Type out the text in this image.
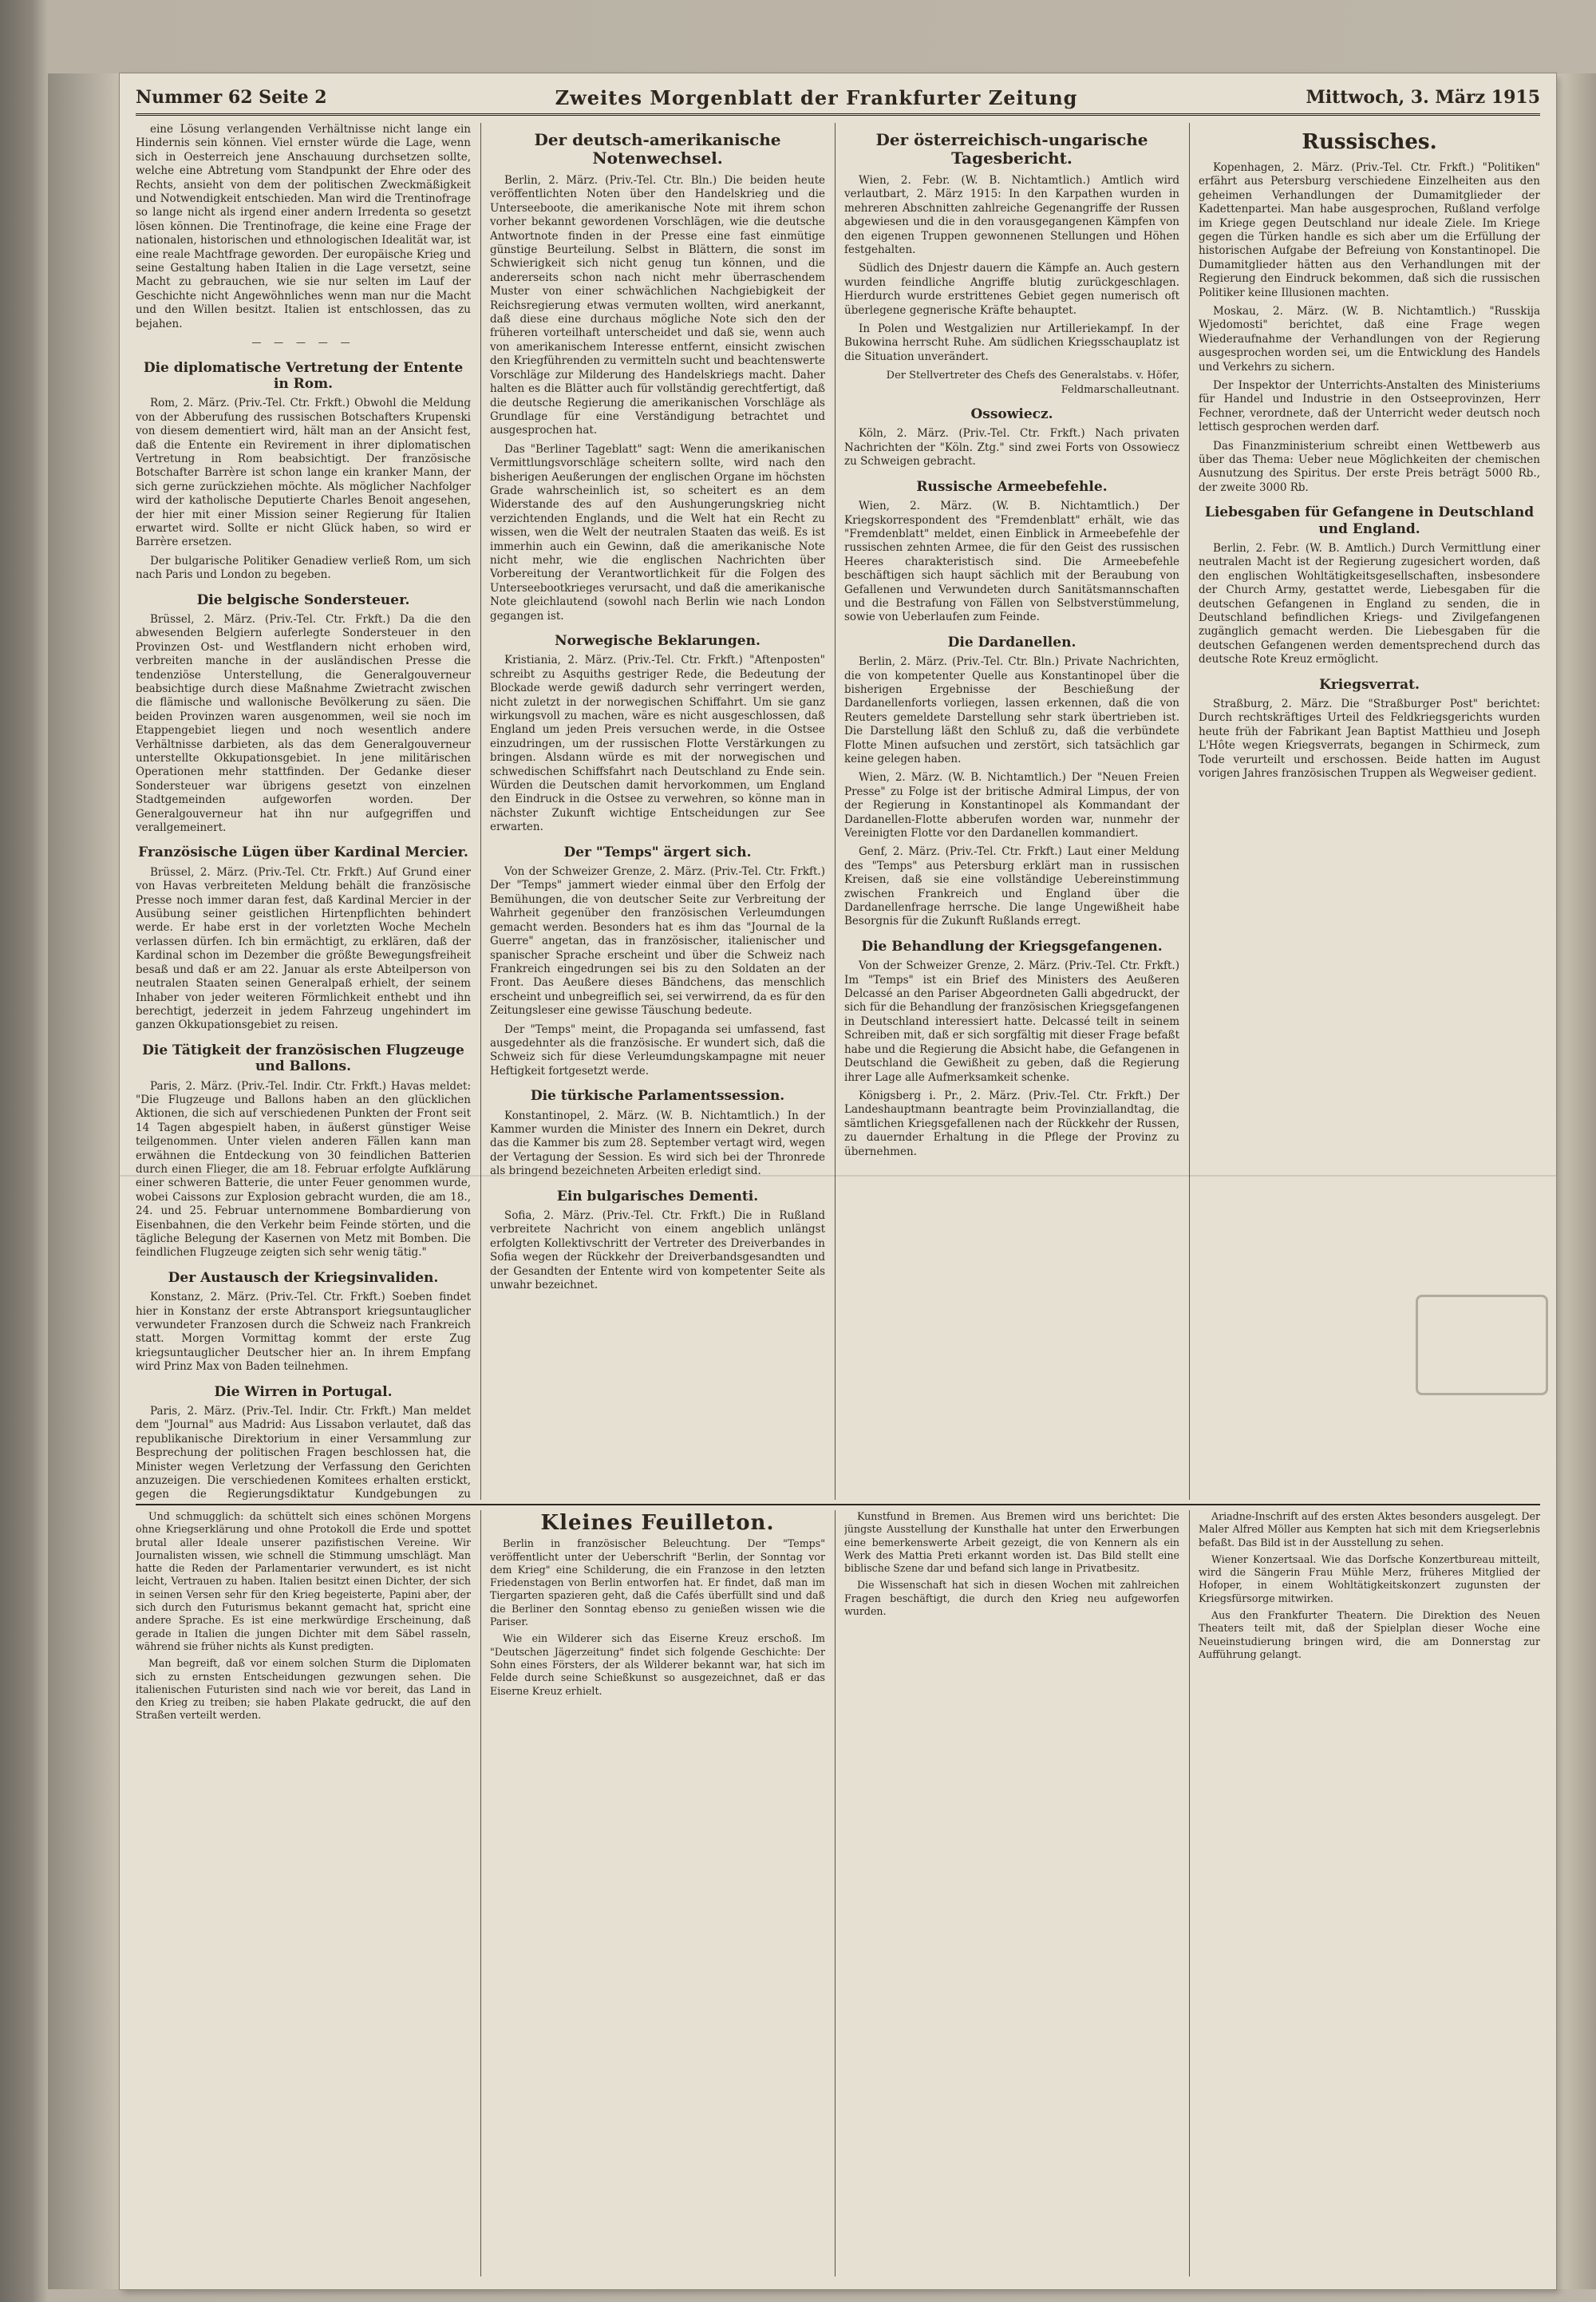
Nummer 62 Seite 2	Zweites Morgenblatt der Frankfurter Zeitung	Mittwoch, 3. März 1915

eine Lösung verlangenden Verhältnisse nicht lange ein Hindernis sein können. Viel ernster würde die Lage, wenn sich in Oesterreich jene Anschauung durchsetzen sollte, welche eine Abtretung vom Standpunkt der Ehre oder des Rechts, ansieht von dem der politischen Zweckmäßigkeit und Notwendigkeit entschieden. Man wird die Trentinofrage so lange nicht als irgend einer andern Irredenta so gesetzt lösen können. Die Trentinofrage, die keine eine Frage der nationalen, historischen und ethnologischen Idealität war, ist eine reale Machtfrage geworden. Der europäische Krieg und seine Gestaltung haben Italien in die Lage versetzt, seine Macht zu gebrauchen, wie sie nur selten im Lauf der Geschichte nicht Angewöhnliches wenn man nur die Macht und den Willen besitzt. Italien ist entschlossen, das zu bejahen.

— — — — —
Die diplomatische Vertretung der Entente in Rom.

Rom, 2. März. (Priv.-Tel. Ctr. Frkft.) Obwohl die Meldung von der Abberufung des russischen Botschafters Krupenski von diesem dementiert wird, hält man an der Ansicht fest, daß die Entente ein Revirement in ihrer diplomatischen Vertretung in Rom beabsichtigt. Der französische Botschafter Barrère ist schon lange ein kranker Mann, der sich gerne zurückziehen möchte. Als möglicher Nachfolger wird der katholische Deputierte Charles Benoit angesehen, der hier mit einer Mission seiner Regierung für Italien erwartet wird. Sollte er nicht Glück haben, so wird er Barrère ersetzen.

Der bulgarische Politiker Genadiew verließ Rom, um sich nach Paris und London zu begeben.

Die belgische Sondersteuer.

Brüssel, 2. März. (Priv.-Tel. Ctr. Frkft.) Da die den abwesenden Belgiern auferlegte Sondersteuer in den Provinzen Ost- und Westflandern nicht erhoben wird, verbreiten manche in der ausländischen Presse die tendenziöse Unterstellung, die Generalgouverneur beabsichtige durch diese Maßnahme Zwietracht zwischen die flämische und wallonische Bevölkerung zu säen. Die beiden Provinzen waren ausgenommen, weil sie noch im Etappengebiet liegen und noch wesentlich andere Verhältnisse darbieten, als das dem Generalgouverneur unterstellte Okkupationsgebiet. In jene militärischen Operationen mehr stattfinden. Der Gedanke dieser Sondersteuer war übrigens gesetzt von einzelnen Stadtgemeinden aufgeworfen worden. Der Generalgouverneur hat ihn nur aufgegriffen und verallgemeinert.

Französische Lügen über Kardinal Mercier.

Brüssel, 2. März. (Priv.-Tel. Ctr. Frkft.) Auf Grund einer von Havas verbreiteten Meldung behält die französische Presse noch immer daran fest, daß Kardinal Mercier in der Ausübung seiner geistlichen Hirtenpflichten behindert werde. Er habe erst in der vorletzten Woche Mecheln verlassen dürfen. Ich bin ermächtigt, zu erklären, daß der Kardinal schon im Dezember die größte Bewegungsfreiheit besaß und daß er am 22. Januar als erste Abteilperson von neutralen Staaten seinen Generalpaß erhielt, der seinem Inhaber von jeder weiteren Förmlichkeit enthebt und ihn berechtigt, jederzeit in jedem Fahrzeug ungehindert im ganzen Okkupationsgebiet zu reisen.

Die Tätigkeit der französischen Flugzeuge und Ballons.

Paris, 2. März. (Priv.-Tel. Indir. Ctr. Frkft.) Havas meldet: "Die Flugzeuge und Ballons haben an den glücklichen Aktionen, die sich auf verschiedenen Punkten der Front seit 14 Tagen abgespielt haben, in äußerst günstiger Weise teilgenommen. Unter vielen anderen Fällen kann man erwähnen die Entdeckung von 30 feindlichen Batterien durch einen Flieger, die am 18. Februar erfolgte Aufklärung einer schweren Batterie, die unter Feuer genommen wurde, wobei Caissons zur Explosion gebracht wurden, die am 18., 24. und 25. Februar unternommene Bombardierung von Eisenbahnen, die den Verkehr beim Feinde störten, und die tägliche Belegung der Kasernen von Metz mit Bomben. Die feindlichen Flugzeuge zeigten sich sehr wenig tätig."

Der Austausch der Kriegsinvaliden.

Konstanz, 2. März. (Priv.-Tel. Ctr. Frkft.) Soeben findet hier in Konstanz der erste Abtransport kriegsuntauglicher verwundeter Franzosen durch die Schweiz nach Frankreich statt. Morgen Vormittag kommt der erste Zug kriegsuntauglicher Deutscher hier an. In ihrem Empfang wird Prinz Max von Baden teilnehmen.

Die Wirren in Portugal.

Paris, 2. März. (Priv.-Tel. Indir. Ctr. Frkft.) Man meldet dem "Journal" aus Madrid: Aus Lissabon verlautet, daß das republikanische Direktorium in einer Versammlung zur Besprechung der politischen Fragen beschlossen hat, die Minister wegen Verletzung der Verfassung den Gerichten anzuzeigen. Die verschiedenen Komitees erhalten erstickt, gegen die Regierungsdiktatur Kundgebungen zu

Der deutsch-amerikanische Notenwechsel.

Berlin, 2. März. (Priv.-Tel. Ctr. Bln.) Die beiden heute veröffentlichten Noten über den Handelskrieg und die Unterseeboote, die amerikanische Note mit ihrem schon vorher bekannt gewordenen Vorschlägen, wie die deutsche Antwortnote finden in der Presse eine fast einmütige günstige Beurteilung. Selbst in Blättern, die sonst im Schwierigkeit sich nicht genug tun können, und die andererseits schon nach nicht mehr überraschendem Muster von einer schwächlichen Nachgiebigkeit der Reichsregierung etwas vermuten wollten, wird anerkannt, daß diese eine durchaus mögliche Note sich den der früheren vorteilhaft unterscheidet und daß sie, wenn auch von amerikanischem Interesse entfernt, einsicht zwischen den Kriegführenden zu vermitteln sucht und beachtenswerte Vorschläge zur Milderung des Handelskriegs macht. Daher halten es die Blätter auch für vollständig gerechtfertigt, daß die deutsche Regierung die amerikanischen Vorschläge als Grundlage für eine Verständigung betrachtet und ausgesprochen hat.

Das "Berliner Tageblatt" sagt: Wenn die amerikanischen Vermittlungsvorschläge scheitern sollte, wird nach den bisherigen Aeußerungen der englischen Organe im höchsten Grade wahrscheinlich ist, so scheitert es an dem Widerstande des auf den Aushungerungskrieg nicht verzichtenden Englands, und die Welt hat ein Recht zu wissen, wen die Welt der neutralen Staaten das weiß. Es ist immerhin auch ein Gewinn, daß die amerikanische Note nicht mehr, wie die englischen Nachrichten über Vorbereitung der Verantwortlichkeit für die Folgen des Unterseebootkrieges verursacht, und daß die amerikanische Note gleichlautend (sowohl nach Berlin wie nach London gegangen ist.

Norwegische Beklarungen.

Kristiania, 2. März. (Priv.-Tel. Ctr. Frkft.) "Aftenposten" schreibt zu Asquiths gestriger Rede, die Bedeutung der Blockade werde gewiß dadurch sehr verringert werden, nicht zuletzt in der norwegischen Schiffahrt. Um sie ganz wirkungsvoll zu machen, wäre es nicht ausgeschlossen, daß England um jeden Preis versuchen werde, in die Ostsee einzudringen, um der russischen Flotte Verstärkungen zu bringen. Alsdann würde es mit der norwegischen und schwedischen Schiffsfahrt nach Deutschland zu Ende sein. Würden die Deutschen damit hervorkommen, um England den Eindruck in die Ostsee zu verwehren, so könne man in nächster Zukunft wichtige Entscheidungen zur See erwarten.

Der "Temps" ärgert sich.

Von der Schweizer Grenze, 2. März. (Priv.-Tel. Ctr. Frkft.) Der "Temps" jammert wieder einmal über den Erfolg der Bemühungen, die von deutscher Seite zur Verbreitung der Wahrheit gegenüber den französischen Verleumdungen gemacht werden. Besonders hat es ihm das "Journal de la Guerre" angetan, das in französischer, italienischer und spanischer Sprache erscheint und über die Schweiz nach Frankreich eingedrungen sei bis zu den Soldaten an der Front. Das Aeußere dieses Bändchens, das menschlich erscheint und unbegreiflich sei, sei verwirrend, da es für den Zeitungsleser eine gewisse Täuschung bedeute.

Der "Temps" meint, die Propaganda sei umfassend, fast ausgedehnter als die französische. Er wundert sich, daß die Schweiz sich für diese Verleumdungskampagne mit neuer Heftigkeit fortgesetzt werde.

Die türkische Parlamentssession.

Konstantinopel, 2. März. (W. B. Nichtamtlich.) In der Kammer wurden die Minister des Innern ein Dekret, durch das die Kammer bis zum 28. September vertagt wird, wegen der Vertagung der Session. Es wird sich bei der Thronrede als bringend bezeichneten Arbeiten erledigt sind.

Ein bulgarisches Dementi.

Sofia, 2. März. (Priv.-Tel. Ctr. Frkft.) Die in Rußland verbreitete Nachricht von einem angeblich unlängst erfolgten Kollektivschritt der Vertreter des Dreiverbandes in Sofia wegen der Rückkehr der Dreiverbandsgesandten und der Gesandten der Entente wird von kompetenter Seite als unwahr bezeichnet.

Der österreichisch-ungarische Tagesbericht.

Wien, 2. Febr. (W. B. Nichtamtlich.) Amtlich wird verlautbart, 2. März 1915: In den Karpathen wurden in mehreren Abschnitten zahlreiche Gegenangriffe der Russen abgewiesen und die in den vorausgegangenen Kämpfen von den eigenen Truppen gewonnenen Stellungen und Höhen festgehalten.

Südlich des Dnjestr dauern die Kämpfe an. Auch gestern wurden feindliche Angriffe blutig zurückgeschlagen. Hierdurch wurde erstrittenes Gebiet gegen numerisch oft überlegene gegnerische Kräfte behauptet.

In Polen und Westgalizien nur Artilleriekampf. In der Bukowina herrscht Ruhe. Am südlichen Kriegsschauplatz ist die Situation unverändert.

Der Stellvertreter des Chefs des Generalstabs. v. Höfer, Feldmarschalleutnant.
Ossowiecz.

Köln, 2. März. (Priv.-Tel. Ctr. Frkft.) Nach privaten Nachrichten der "Köln. Ztg." sind zwei Forts von Ossowiecz zu Schweigen gebracht.

Russische Armeebefehle.

Wien, 2. März. (W. B. Nichtamtlich.) Der Kriegskorrespondent des "Fremdenblatt" erhält, wie das "Fremdenblatt" meldet, einen Einblick in Armeebefehle der russischen zehnten Armee, die für den Geist des russischen Heeres charakteristisch sind. Die Armeebefehle beschäftigen sich haupt sächlich mit der Beraubung von Gefallenen und Verwundeten durch Sanitätsmannschaften und die Bestrafung von Fällen von Selbstverstümmelung, sowie von Ueberlaufen zum Feinde.

Die Dardanellen.

Berlin, 2. März. (Priv.-Tel. Ctr. Bln.) Private Nachrichten, die von kompetenter Quelle aus Konstantinopel über die bisherigen Ergebnisse der Beschießung der Dardanellenforts vorliegen, lassen erkennen, daß die von Reuters gemeldete Darstellung sehr stark übertrieben ist. Die Darstellung läßt den Schluß zu, daß die verbündete Flotte Minen aufsuchen und zerstört, sich tatsächlich gar keine gelegen haben.

Wien, 2. März. (W. B. Nichtamtlich.) Der "Neuen Freien Presse" zu Folge ist der britische Admiral Limpus, der von der Regierung in Konstantinopel als Kommandant der Dardanellen-Flotte abberufen worden war, nunmehr der Vereinigten Flotte vor den Dardanellen kommandiert.

Genf, 2. März. (Priv.-Tel. Ctr. Frkft.) Laut einer Meldung des "Temps" aus Petersburg erklärt man in russischen Kreisen, daß sie eine vollständige Uebereinstimmung zwischen Frankreich und England über die Dardanellenfrage herrsche. Die lange Ungewißheit habe Besorgnis für die Zukunft Rußlands erregt.

Die Behandlung der Kriegsgefangenen.

Von der Schweizer Grenze, 2. März. (Priv.-Tel. Ctr. Frkft.) Im "Temps" ist ein Brief des Ministers des Aeußeren Delcassé an den Pariser Abgeordneten Galli abgedruckt, der sich für die Behandlung der französischen Kriegsgefangenen in Deutschland interessiert hatte. Delcassé teilt in seinem Schreiben mit, daß er sich sorgfältig mit dieser Frage befaßt habe und die Regierung die Absicht habe, die Gefangenen in Deutschland die Gewißheit zu geben, daß die Regierung ihrer Lage alle Aufmerksamkeit schenke.

Königsberg i. Pr., 2. März. (Priv.-Tel. Ctr. Frkft.) Der Landeshauptmann beantragte beim Provinziallandtag, die sämtlichen Kriegsgefallenen nach der Rückkehr der Russen, zu dauernder Erhaltung in die Pflege der Provinz zu übernehmen.

Russisches.

Kopenhagen, 2. März. (Priv.-Tel. Ctr. Frkft.) "Politiken" erfährt aus Petersburg verschiedene Einzelheiten aus den geheimen Verhandlungen der Dumamitglieder der Kadettenpartei. Man habe ausgesprochen, Rußland verfolge im Kriege gegen Deutschland nur ideale Ziele. Im Kriege gegen die Türken handle es sich aber um die Erfüllung der historischen Aufgabe der Befreiung von Konstantinopel. Die Dumamitglieder hätten aus den Verhandlungen mit der Regierung den Eindruck bekommen, daß sich die russischen Politiker keine Illusionen machten.

Moskau, 2. März. (W. B. Nichtamtlich.) "Russkija Wjedomosti" berichtet, daß eine Frage wegen Wiederaufnahme der Verhandlungen von der Regierung ausgesprochen worden sei, um die Entwicklung des Handels und Verkehrs zu sichern.

Der Inspektor der Unterrichts-Anstalten des Ministeriums für Handel und Industrie in den Ostseeprovinzen, Herr Fechner, verordnete, daß der Unterricht weder deutsch noch lettisch gesprochen werden darf.

Das Finanzministerium schreibt einen Wettbewerb aus über das Thema: Ueber neue Möglichkeiten der chemischen Ausnutzung des Spiritus. Der erste Preis beträgt 5000 Rb., der zweite 3000 Rb.

Liebesgaben für Gefangene in Deutschland und England.

Berlin, 2. Febr. (W. B. Amtlich.) Durch Vermittlung einer neutralen Macht ist der Regierung zugesichert worden, daß den englischen Wohltätigkeitsgesellschaften, insbesondere der Church Army, gestattet werde, Liebesgaben für die deutschen Gefangenen in England zu senden, die in Deutschland befindlichen Kriegs- und Zivilgefangenen zugänglich gemacht werden. Die Liebesgaben für die deutschen Gefangenen werden dementsprechend durch das deutsche Rote Kreuz ermöglicht.

Kriegsverrat.

Straßburg, 2. März. Die "Straßburger Post" berichtet: Durch rechtskräftiges Urteil des Feldkriegsgerichts wurden heute früh der Fabrikant Jean Baptist Matthieu und Joseph L'Hôte wegen Kriegsverrats, begangen in Schirmeck, zum Tode verurteilt und erschossen. Beide hatten im August vorigen Jahres französischen Truppen als Wegweiser gedient.

Und schmugglich: da schüttelt sich eines schönen Morgens ohne Kriegserklärung und ohne Protokoll die Erde und spottet brutal aller Ideale unserer pazifistischen Vereine. Wir Journalisten wissen, wie schnell die Stimmung umschlägt. Man hatte die Reden der Parlamentarier verwundert, es ist nicht leicht, Vertrauen zu haben. Italien besitzt einen Dichter, der sich in seinen Versen sehr für den Krieg begeisterte, Papini aber, der sich durch den Futurismus bekannt gemacht hat, spricht eine andere Sprache. Es ist eine merkwürdige Erscheinung, daß gerade in Italien die jungen Dichter mit dem Säbel rasseln, während sie früher nichts als Kunst predigten.

Man begreift, daß vor einem solchen Sturm die Diplomaten sich zu ernsten Entscheidungen gezwungen sehen. Die italienischen Futuristen sind nach wie vor bereit, das Land in den Krieg zu treiben; sie haben Plakate gedruckt, die auf den Straßen verteilt werden.

Kleines Feuilleton.

Berlin in französischer Beleuchtung. Der "Temps" veröffentlicht unter der Ueberschrift "Berlin, der Sonntag vor dem Krieg" eine Schilderung, die ein Franzose in den letzten Friedenstagen von Berlin entworfen hat. Er findet, daß man im Tiergarten spazieren geht, daß die Cafés überfüllt sind und daß die Berliner den Sonntag ebenso zu genießen wissen wie die Pariser.

Wie ein Wilderer sich das Eiserne Kreuz erschoß. Im "Deutschen Jägerzeitung" findet sich folgende Geschichte: Der Sohn eines Försters, der als Wilderer bekannt war, hat sich im Felde durch seine Schießkunst so ausgezeichnet, daß er das Eiserne Kreuz erhielt.

Kunstfund in Bremen. Aus Bremen wird uns berichtet: Die jüngste Ausstellung der Kunsthalle hat unter den Erwerbungen eine bemerkenswerte Arbeit gezeigt, die von Kennern als ein Werk des Mattia Preti erkannt worden ist. Das Bild stellt eine biblische Szene dar und befand sich lange in Privatbesitz.

Die Wissenschaft hat sich in diesen Wochen mit zahlreichen Fragen beschäftigt, die durch den Krieg neu aufgeworfen wurden.

Ariadne-Inschrift auf des ersten Aktes besonders ausgelegt. Der Maler Alfred Möller aus Kempten hat sich mit dem Kriegserlebnis befaßt. Das Bild ist in der Ausstellung zu sehen.

Wiener Konzertsaal. Wie das Dorfsche Konzertbureau mitteilt, wird die Sängerin Frau Mühle Merz, früheres Mitglied der Hofoper, in einem Wohltätigkeitskonzert zugunsten der Kriegsfürsorge mitwirken.

Aus den Frankfurter Theatern. Die Direktion des Neuen Theaters teilt mit, daß der Spielplan dieser Woche eine Neueinstudierung bringen wird, die am Donnerstag zur Aufführung gelangt.
